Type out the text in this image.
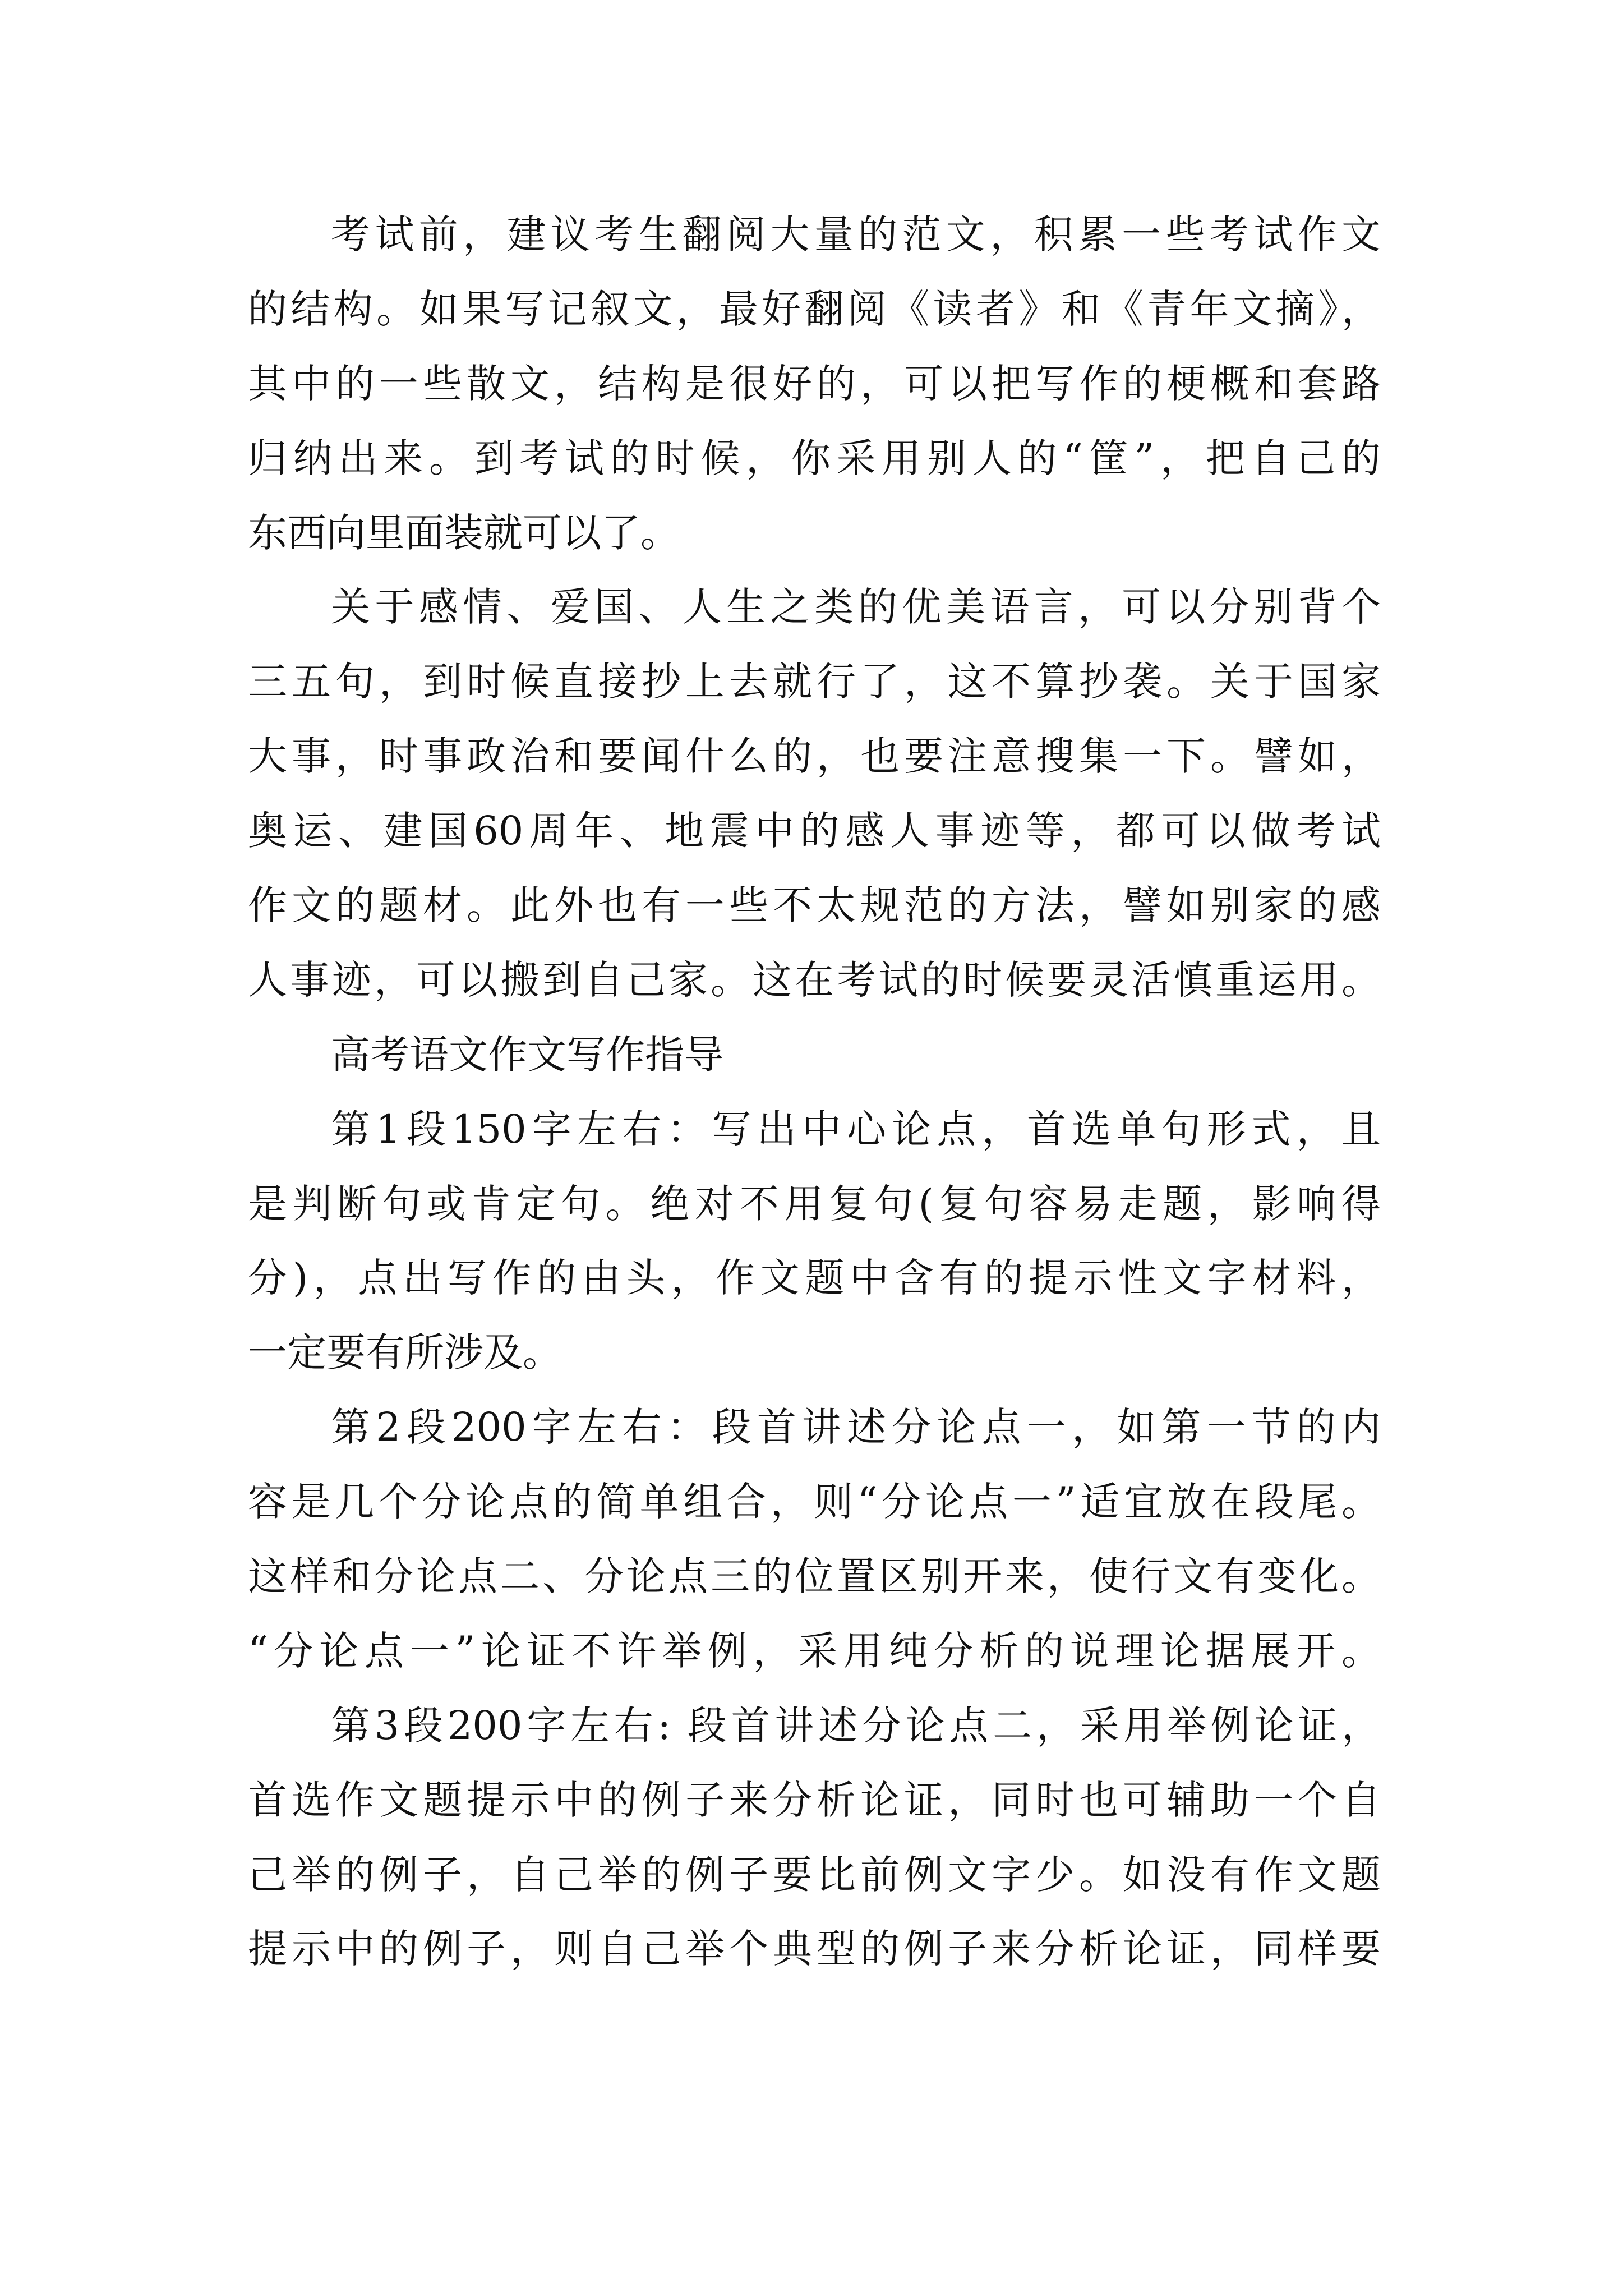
考试前，建议考生翻阅大量的范文，积累一些考试作文
的结构。如果写记叙文，最好翻阅《读者》和《青年文摘》，
其中的一些散文，结构是很好的，可以把写作的梗概和套路
归纳出来。到考试的时候，你采用别人的“筐”，把自己的
东西向里面装就可以了。
关于感情、爱国、人生之类的优美语言，可以分别背个
三五句，到时候直接抄上去就行了，这不算抄袭。关于国家
大事，时事政治和要闻什么的，也要注意搜集一下。譬如，
奥运、建国60周年、地震中的感人事迹等，都可以做考试
作文的题材。此外也有一些不太规范的方法，譬如别家的感
人事迹，可以搬到自己家。这在考试的时候要灵活慎重运用。
高考语文作文写作指导
第1段150字左右：写出中心论点，首选单句形式，且
是判断句或肯定句。绝对不用复句(复句容易走题，影响得
分)，点出写作的由头，作文题中含有的提示性文字材料，
一定要有所涉及。
第2段200字左右：段首讲述分论点一，如第一节的内
容是几个分论点的简单组合，则“分论点一”适宜放在段尾。
这样和分论点二、分论点三的位置区别开来，使行文有变化。
“分论点一”论证不许举例，采用纯分析的说理论据展开。
第3段200字左右: 段首讲述分论点二，采用举例论证，
首选作文题提示中的例子来分析论证，同时也可辅助一个自
己举的例子，自己举的例子要比前例文字少。如没有作文题
提示中的例子，则自己举个典型的例子来分析论证，同样要
